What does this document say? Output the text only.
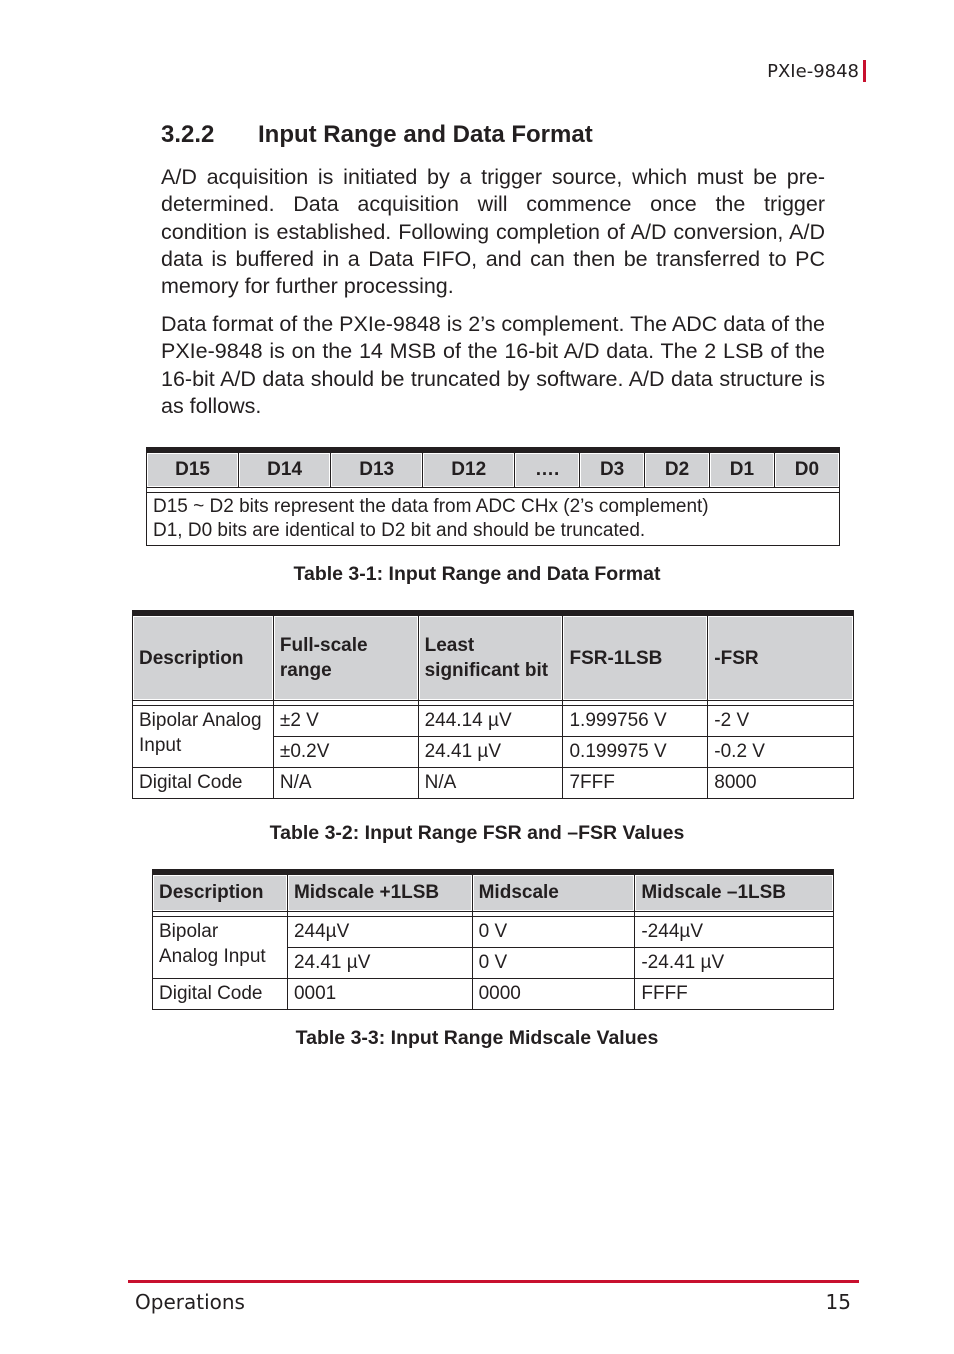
PXIe-9848
3.2.2	Input Range and Data Format

A/D acquisition is initiated by a trigger source, which must be pre-determined. Data acquisition will commence once the trigger condition is established. Following completion of A/D conversion, A/D data is buffered in a Data FIFO, and can then be transferred to PC memory for further processing.

Data format of the PXIe-9848 is 2’s complement. The ADC data of the PXIe-9848 is on the 14 MSB of the 16-bit A/D data. The 2 LSB of the 16-bit A/D data should be truncated by software. A/D data structure is as follows.

D15	D14	D13	D12	….	D3	D2	D1	D0

D15 ~ D2 bits represent the data from ADC CHx (2’s complement)
D1, D0 bits are identical to D2 bit and should be truncated.
Table 3-1: Input Range and Data Format
Description	Full-scale range	Least significant bit	FSR-1LSB	-FSR

Bipolar Analog Input	±2 V	244.14 µV	1.999756 V	-2 V
	±0.2V	24.41 µV	0.199975 V	-0.2 V
Digital Code	N/A	N/A	7FFF	8000
Table 3-2: Input Range FSR and –FSR Values
Description	Midscale +1LSB	Midscale	Midscale –1LSB

Bipolar Analog Input	244µV	0 V	-244µV
	24.41 µV	0 V	-24.41 µV
Digital Code	0001	0000	FFFF
Table 3-3: Input Range Midscale Values
Operations	15
